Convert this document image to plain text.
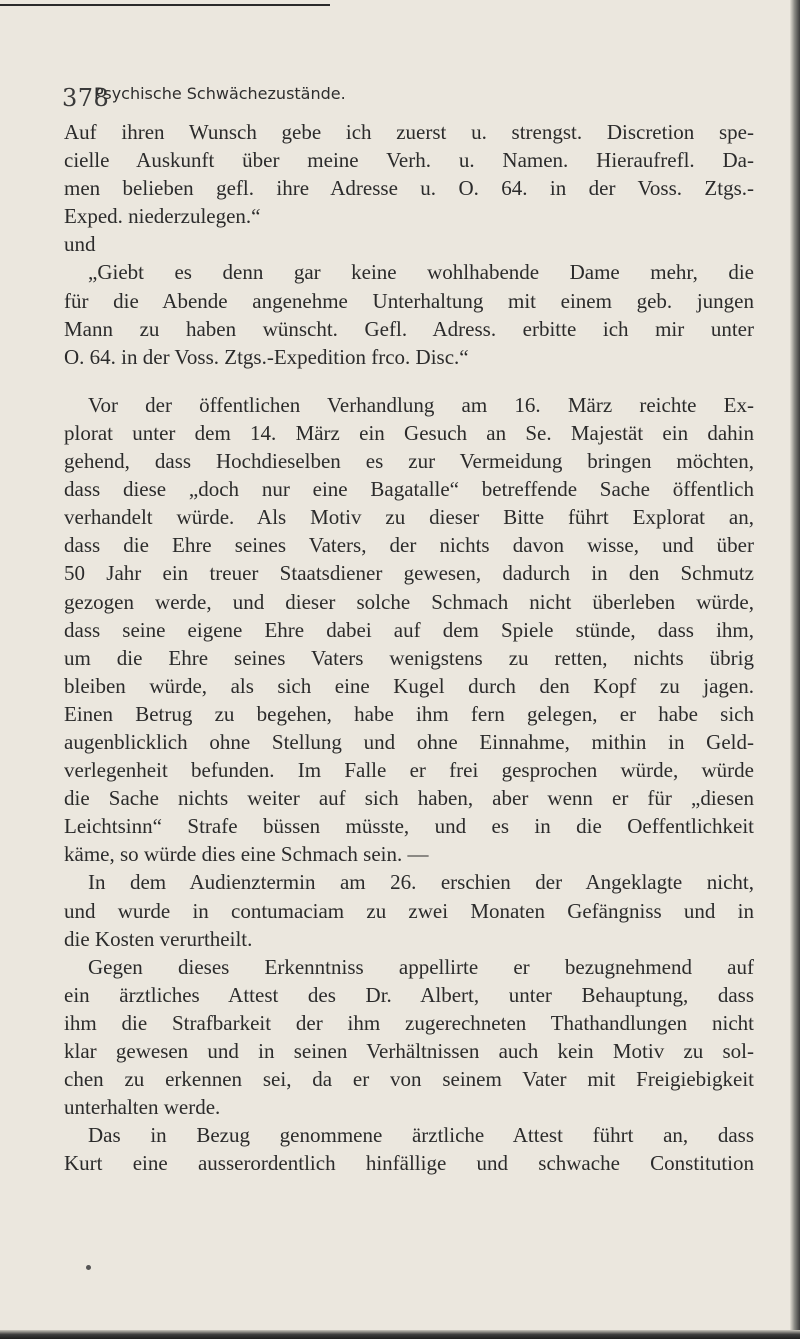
378
Psychische Schwächezustände.
Auf ihren Wunsch gebe ich zuerst u. strengst. Discretion spe-
cielle Auskunft über meine Verh. u. Namen. Hieraufrefl. Da-
men belieben gefl. ihre Adresse u. O. 64. in der Voss. Ztgs.-
Exped. niederzulegen.“
und
„Giebt es denn gar keine wohlhabende Dame mehr, die
für die Abende angenehme Unterhaltung mit einem geb. jungen
Mann zu haben wünscht. Gefl. Adress. erbitte ich mir unter
O. 64. in der Voss. Ztgs.-Expedition frco. Disc.“
Vor der öffentlichen Verhandlung am 16. März reichte Ex-
plorat unter dem 14. März ein Gesuch an Se. Majestät ein dahin
gehend, dass Hochdieselben es zur Vermeidung bringen möchten,
dass diese „doch nur eine Bagatalle“ betreffende Sache öffentlich
verhandelt würde. Als Motiv zu dieser Bitte führt Explorat an,
dass die Ehre seines Vaters, der nichts davon wisse, und über
50 Jahr ein treuer Staatsdiener gewesen, dadurch in den Schmutz
gezogen werde, und dieser solche Schmach nicht überleben würde,
dass seine eigene Ehre dabei auf dem Spiele stünde, dass ihm,
um die Ehre seines Vaters wenigstens zu retten, nichts übrig
bleiben würde, als sich eine Kugel durch den Kopf zu jagen.
Einen Betrug zu begehen, habe ihm fern gelegen, er habe sich
augenblicklich ohne Stellung und ohne Einnahme, mithin in Geld-
verlegenheit befunden. Im Falle er frei gesprochen würde, würde
die Sache nichts weiter auf sich haben, aber wenn er für „diesen
Leichtsinn“ Strafe büssen müsste, und es in die Oeffentlichkeit
käme, so würde dies eine Schmach sein. —
In dem Audienztermin am 26. erschien der Angeklagte nicht,
und wurde in contumaciam zu zwei Monaten Gefängniss und in
die Kosten verurtheilt.
Gegen dieses Erkenntniss appellirte er bezugnehmend auf
ein ärztliches Attest des Dr. Albert, unter Behauptung, dass
ihm die Strafbarkeit der ihm zugerechneten Thathandlungen nicht
klar gewesen und in seinen Verhältnissen auch kein Motiv zu sol-
chen zu erkennen sei, da er von seinem Vater mit Freigiebigkeit
unterhalten werde.
Das in Bezug genommene ärztliche Attest führt an, dass
Kurt eine ausserordentlich hinfällige und schwache Constitution
